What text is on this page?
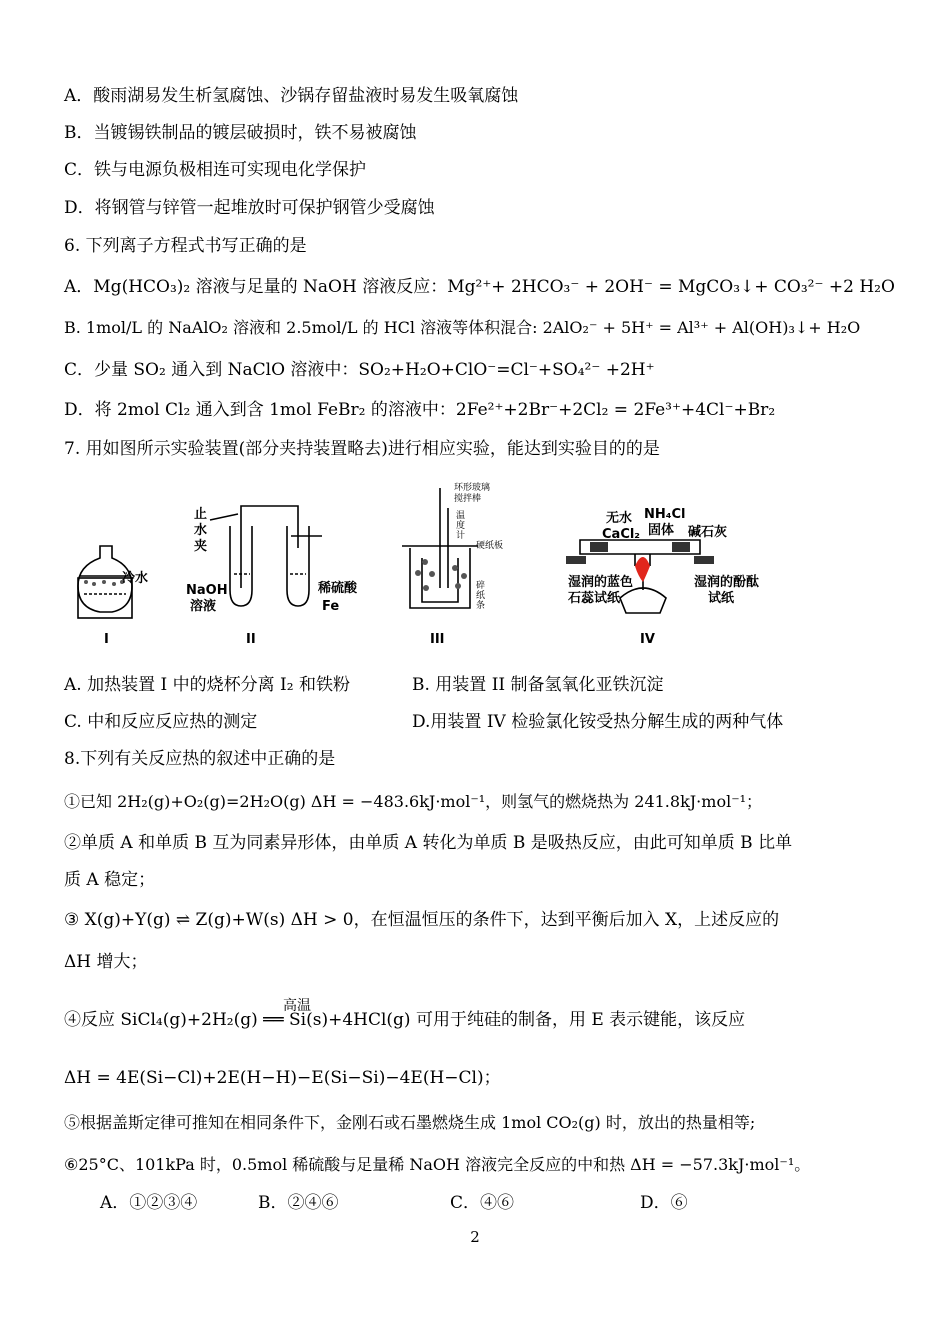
A．酸雨湖易发生析氢腐蚀、沙锅存留盐液时易发生吸氧腐蚀
B．当镀锡铁制品的镀层破损时，铁不易被腐蚀
C．铁与电源负极相连可实现电化学保护
D．将钢管与锌管一起堆放时可保护钢管少受腐蚀
6. 下列离子方程式书写正确的是
A．Mg(HCO₃)₂ 溶液与足量的 NaOH 溶液反应：Mg²⁺+ 2HCO₃⁻ + 2OH⁻ = MgCO₃↓+ CO₃²⁻ +2 H₂O
B. 1mol/L 的 NaAlO₂ 溶液和 2.5mol/L 的 HCl 溶液等体积混合: 2AlO₂⁻ + 5H⁺ = Al³⁺ + Al(OH)₃↓+ H₂O
C．少量 SO₂ 通入到 NaClO 溶液中：SO₂+H₂O+ClO⁻=Cl⁻+SO₄²⁻ +2H⁺
D．将 2mol Cl₂ 通入到含 1mol FeBr₂ 的溶液中：2Fe²⁺+2Br⁻+2Cl₂ = 2Fe³⁺+4Cl⁻+Br₂
7. 用如图所示实验装置(部分夹持装置略去)进行相应实验，能达到实验目的的是
冷水
I
止
水
夹
NaOH
溶液
稀硫酸
Fe
II	III
无水
CaCl₂
NH₄Cl
固体 碱石灰
湿润的蓝色
石蕊试纸
湿润的酚酞
试纸
IV
环形玻璃
搅拌棒
温
度
计
硬纸板
碎
纸
条
A. 加热装置 I 中的烧杯分离 I₂ 和铁粉	B. 用装置 II 制备氢氧化亚铁沉淀
C. 中和反应反应热的测定	D.用装置 IV 检验氯化铵受热分解生成的两种气体
8.下列有关反应热的叙述中正确的是
①已知 2H₂(g)+O₂(g)=2H₂O(g) ΔH = −483.6kJ·mol⁻¹，则氢气的燃烧热为 241.8kJ·mol⁻¹；
②单质 A 和单质 B 互为同素异形体，由单质 A 转化为单质 B 是吸热反应，由此可知单质 B 比单
质 A 稳定；
③ X(g)+Y(g) ⇌ Z(g)+W(s) ΔH > 0，在恒温恒压的条件下，达到平衡后加入 X，上述反应的
ΔH 增大；
高温
④反应 SiCl₄(g)+2H₂(g) ══ Si(s)+4HCl(g) 可用于纯硅的制备，用 E 表示键能，该反应
ΔH = 4E(Si−Cl)+2E(H−H)−E(Si−Si)−4E(H−Cl)；
⑤根据盖斯定律可推知在相同条件下，金刚石或石墨燃烧生成 1mol CO₂(g) 时，放出的热量相等;
⑥25°C、101kPa 时，0.5mol 稀硫酸与足量稀 NaOH 溶液完全反应的中和热 ΔH = −57.3kJ·mol⁻¹。
A．①②③④	B．②④⑥	C．④⑥	D．⑥
2
